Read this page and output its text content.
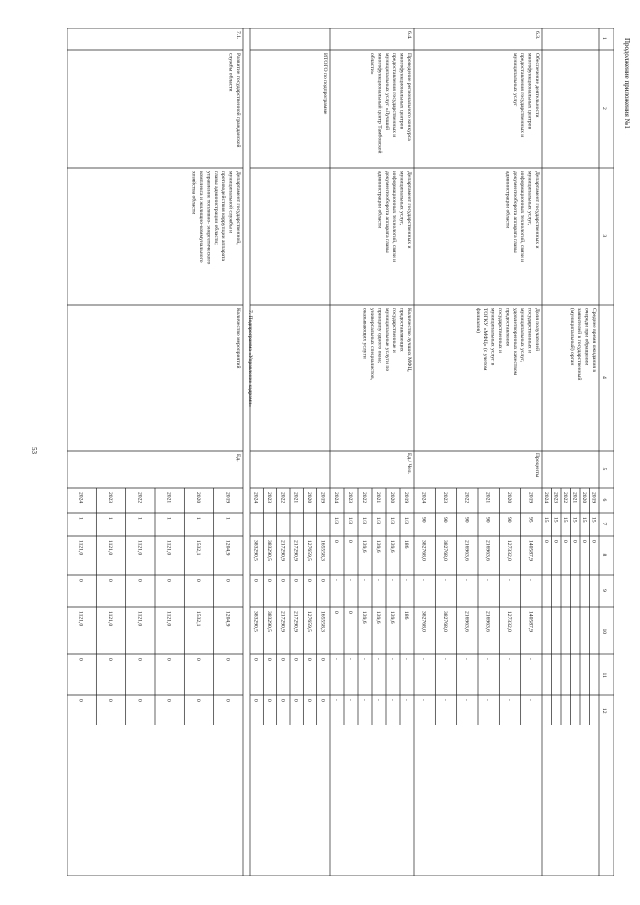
Продолжение приложения №1
53
1
2
3
4
5
6
7
8
9
10
11
12
Среднее время ожидания в
очереди при обращении
заявителей в государственный
(муниципальный) орган
2019
15
0
2020
15
0
2021
15
0
2022
15
0
2023
15
0
2024
15
0
6.3.
Обеспечение деятельности
многофункциональных центров
предоставления государственных и
муниципальных услуг
Департамент государственных и
муниципальных услуг,
информационных технологий, связи и
документооборота аппарата главы
администрации области
Доля получателей
государственных и
муниципальных услуг,
удовлетворенных качеством
предоставления
государственных и
муниципальных услуг в
ТОГКУ «МФЦ» (с учетом
филиалов)
Проценты
2019
95
140587,9
-
140587,9
-
-
2020
90
127332,0
-
127332,0
-
-
2021
90
216963,6
-
216963,6
-
-
2022
90
216963,6
-
216963,6
-
-
2023
90
382768,0
-
382768,0
-
-
2024
90
382768,0
-
382768,0
-
-
6.4.
Проведение регионального конкурса
многофункциональных центров
предоставления государственных и
муниципальных услуг «Лучший
многофункциональный центр Тамбовской
области»
Департамент государственных и
муниципальных услуг,
информационных технологий, связи и
документооборота аппарата главы
администрации области
Количество лучших МФЦ,
предоставляющих
государственные и
муниципальные услуги по
принципу одного окна;
универсальных специалистов,
оказывающих услуги
Ед./ Чел.
2019
1/3
186
-
186
-
-
2020
1/3
139,6
-
139,6
-
-
2021
1/3
139,6
-
139,6
-
-
2022
1/3
139,6
-
139,6
-
-
2023
1/3
0
-
0
-
-
2024
1/3
0
-
0
-
-
ИТОГО по подпрограмме
2019
165558,3
0
165558,3
0
0
2020
127659,5
0
127659,5
0
0
2021
217290,9
0
217290,9
0
0
2022
217290,9
0
217290,9
0
0
2023
383290,5
0
383290,5
0
0
2024
383290,5
0
383290,5
0
0
7. Подпрограмма «Управление кадрами»
7.1.
Развитие государственной гражданской
службы области
Департамент государственной,
муниципальной службы и
противодействия коррупции аппарата
главы администрации области;
управление топливно- энергетического
комплекса и жилищно-коммунального
хозяйства области
Количество мероприятий
Ед.
2019
1
1204,9
0
1204,9
0
0
2020
1
1532,1
0
1532,1
0
0
2021
1
1121,0
0
1121,0
0
0
2022
1
1121,0
0
1121,0
0
0
2023
1
1121,0
0
1121,0
0
0
2024
1
1121,0
0
1121,0
0
0
